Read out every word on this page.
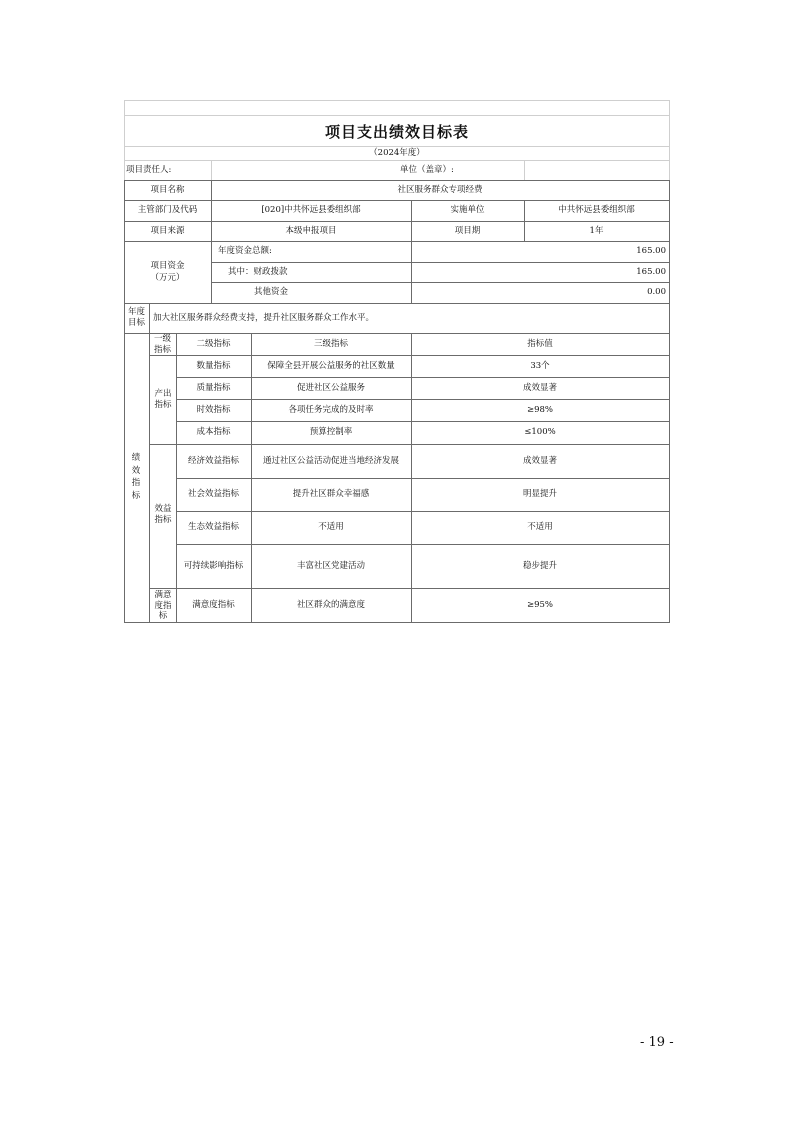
项目支出绩效目标表
（2024年度）
项目责任人:	单位（盖章）:
项目名称	社区服务群众专项经费
主管部门及代码	[020]中共怀远县委组织部	实施单位	中共怀远县委组织部
项目来源	本级申报项目	项目期	1年
项目资金
（万元）
年度资金总额:	165.00
其中：财政拨款	165.00
其他资金	0.00
年度目标 加大社区服务群众经费支持，提升社区服务群众工作水平。
绩效指标
一级指标
二级指标	三级指标	指标值
产出指标
数量指标	保障全县开展公益服务的社区数量	33个
质量指标	促进社区公益服务	成效显著
时效指标	各项任务完成的及时率	≥98%
成本指标	预算控制率	≤100%
效益指标
经济效益指标	通过社区公益活动促进当地经济发展	成效显著
社会效益指标	提升社区群众幸福感	明显提升
生态效益指标	不适用	不适用
可持续影响指标	丰富社区党建活动	稳步提升
满意度指标
满意度指标	社区群众的满意度	≥95%
- 19 -
